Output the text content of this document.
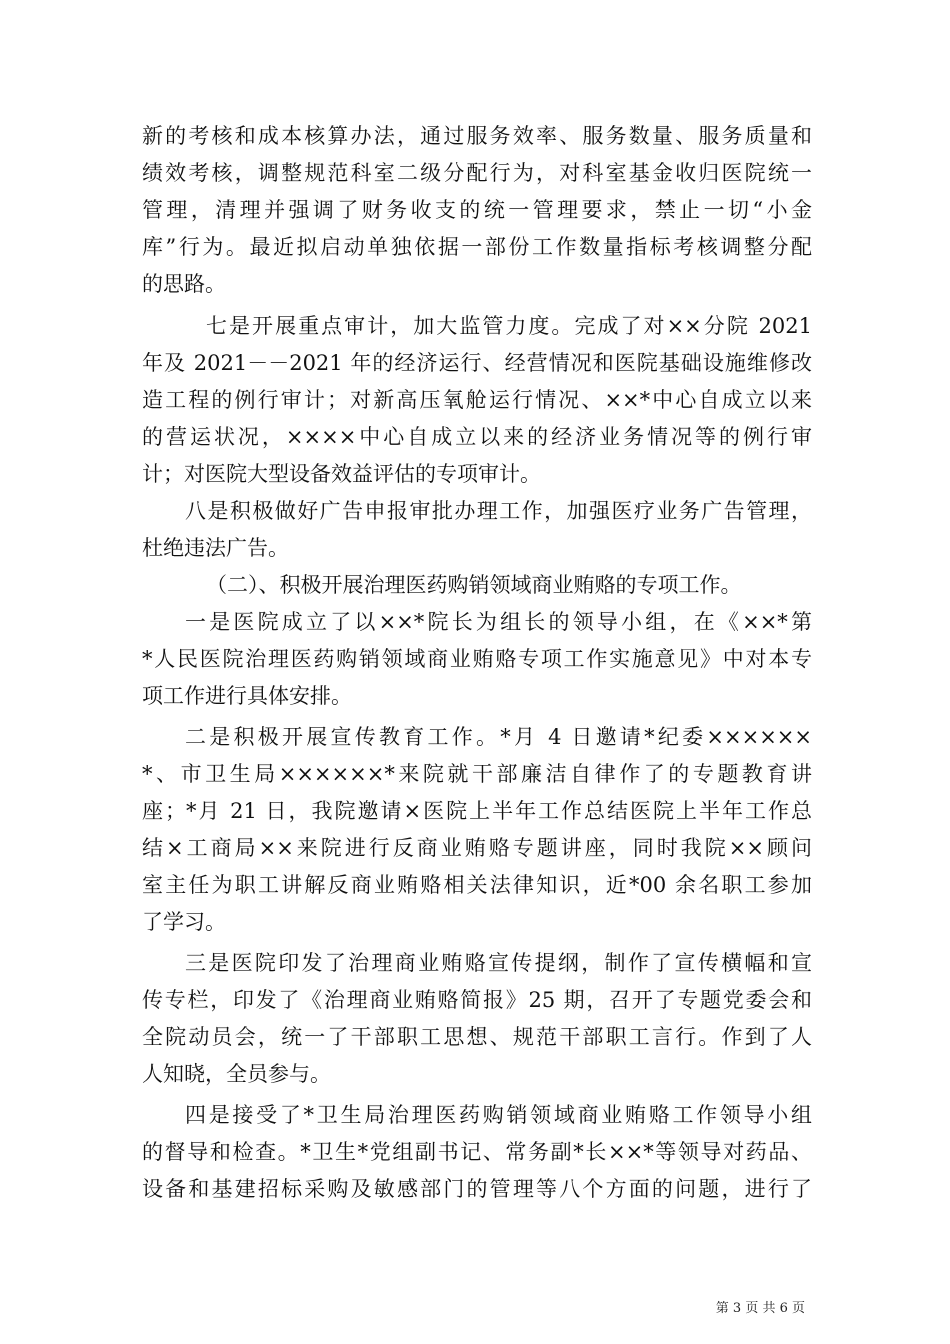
新的考核和成本核算办法，通过服务效率、服务数量、服务质量和
绩效考核，调整规范科室二级分配行为，对科室基金收归医院统一
管理，清理并强调了财务收支的统一管理要求，禁止一切“小金
库”行为。最近拟启动单独依据一部份工作数量指标考核调整分配
的思路。
七是开展重点审计，加大监管力度。完成了对××分院 2021
年及 2021－－2021 年的经济运行、经营情况和医院基础设施维修改
造工程的例行审计；对新高压氧舱运行情况、××*中心自成立以来
的营运状况，××××中心自成立以来的经济业务情况等的例行审
计；对医院大型设备效益评估的专项审计。
八是积极做好广告申报审批办理工作，加强医疗业务广告管理，
杜绝违法广告。
（二）、积极开展治理医药购销领域商业贿赂的专项工作。
一是医院成立了以××*院长为组长的领导小组，在《××*第
*人民医院治理医药购销领域商业贿赂专项工作实施意见》中对本专
项工作进行具体安排。
二是积极开展宣传教育工作。*月 4 日邀请*纪委××××××
*、市卫生局××××××*来院就干部廉洁自律作了的专题教育讲
座；*月 21 日，我院邀请×医院上半年工作总结医院上半年工作总
结×工商局××来院进行反商业贿赂专题讲座，同时我院××顾问
室主任为职工讲解反商业贿赂相关法律知识，近*00 余名职工参加
了学习。
三是医院印发了治理商业贿赂宣传提纲，制作了宣传横幅和宣
传专栏，印发了《治理商业贿赂简报》25 期，召开了专题党委会和
全院动员会，统一了干部职工思想、规范干部职工言行。作到了人
人知晓，全员参与。
四是接受了*卫生局治理医药购销领域商业贿赂工作领导小组
的督导和检查。*卫生*党组副书记、常务副*长××*等领导对药品、
设备和基建招标采购及敏感部门的管理等八个方面的问题，进行了
第 3 页 共 6 页
